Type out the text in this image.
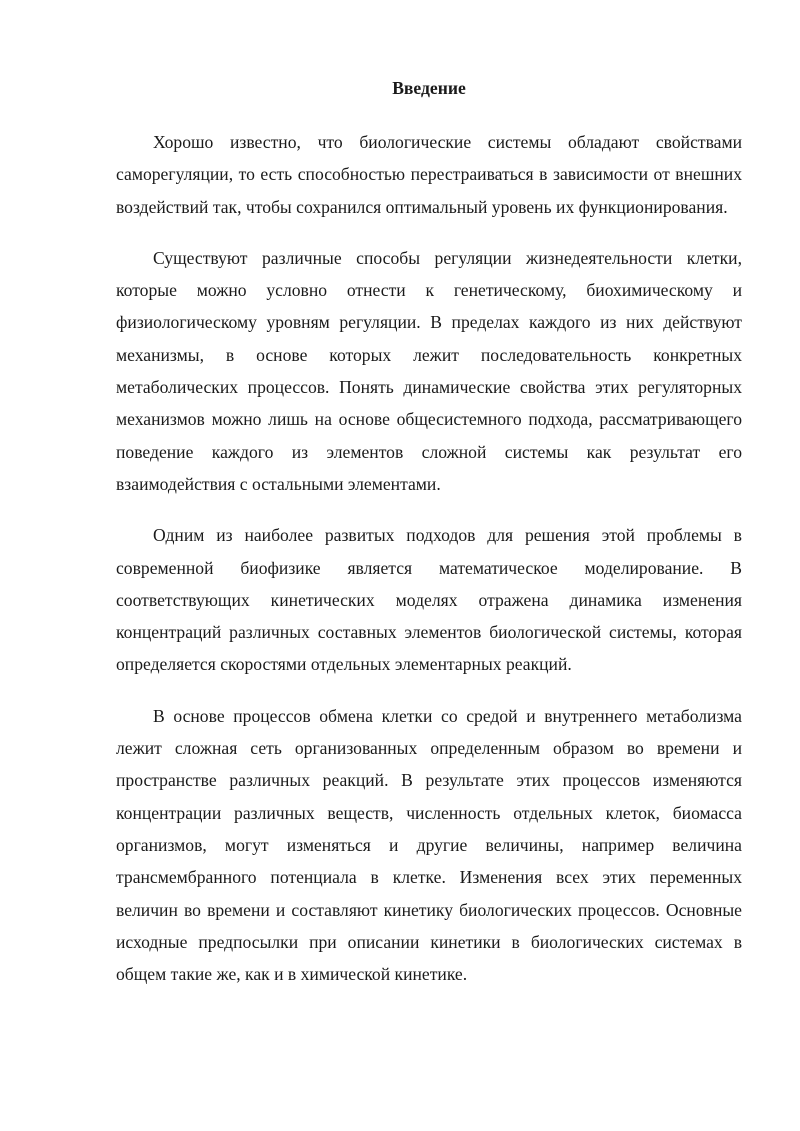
Введение

Хорошо известно, что биологические системы обладают свойствами саморегуляции, то есть способностью перестраиваться в зависимости от внешних воздействий так, чтобы сохранился оптимальный уровень их функционирования.

Существуют различные способы регуляции жизнедеятельности клетки, которые можно условно отнести к генетическому, биохимическому и физиологическому уровням регуляции. В пределах каждого из них действуют механизмы, в основе которых лежит последовательность конкретных метаболических процессов. Понять динамические свойства этих регуляторных механизмов можно лишь на основе общесистемного подхода, рассматривающего поведение каждого из элементов сложной системы как результат его взаимодействия с остальными элементами.

Одним из наиболее развитых подходов для решения этой проблемы в современной биофизике является математическое моделирование. В соответствующих кинетических моделях отражена динамика изменения концентраций различных составных элементов биологической системы, которая определяется скоростями отдельных элементарных реакций.

В основе процессов обмена клетки со средой и внутреннего метаболизма лежит сложная сеть организованных определенным образом во времени и пространстве различных реакций. В результате этих процессов изменяются концентрации различных веществ, численность отдельных клеток, биомасса организмов, могут изменяться и другие величины, например величина трансмембранного потенциала в клетке. Изменения всех этих переменных величин во времени и составляют кинетику биологических процессов. Основные исходные предпосылки при описании кинетики в биологических системах в общем такие же, как и в химической кинетике.
